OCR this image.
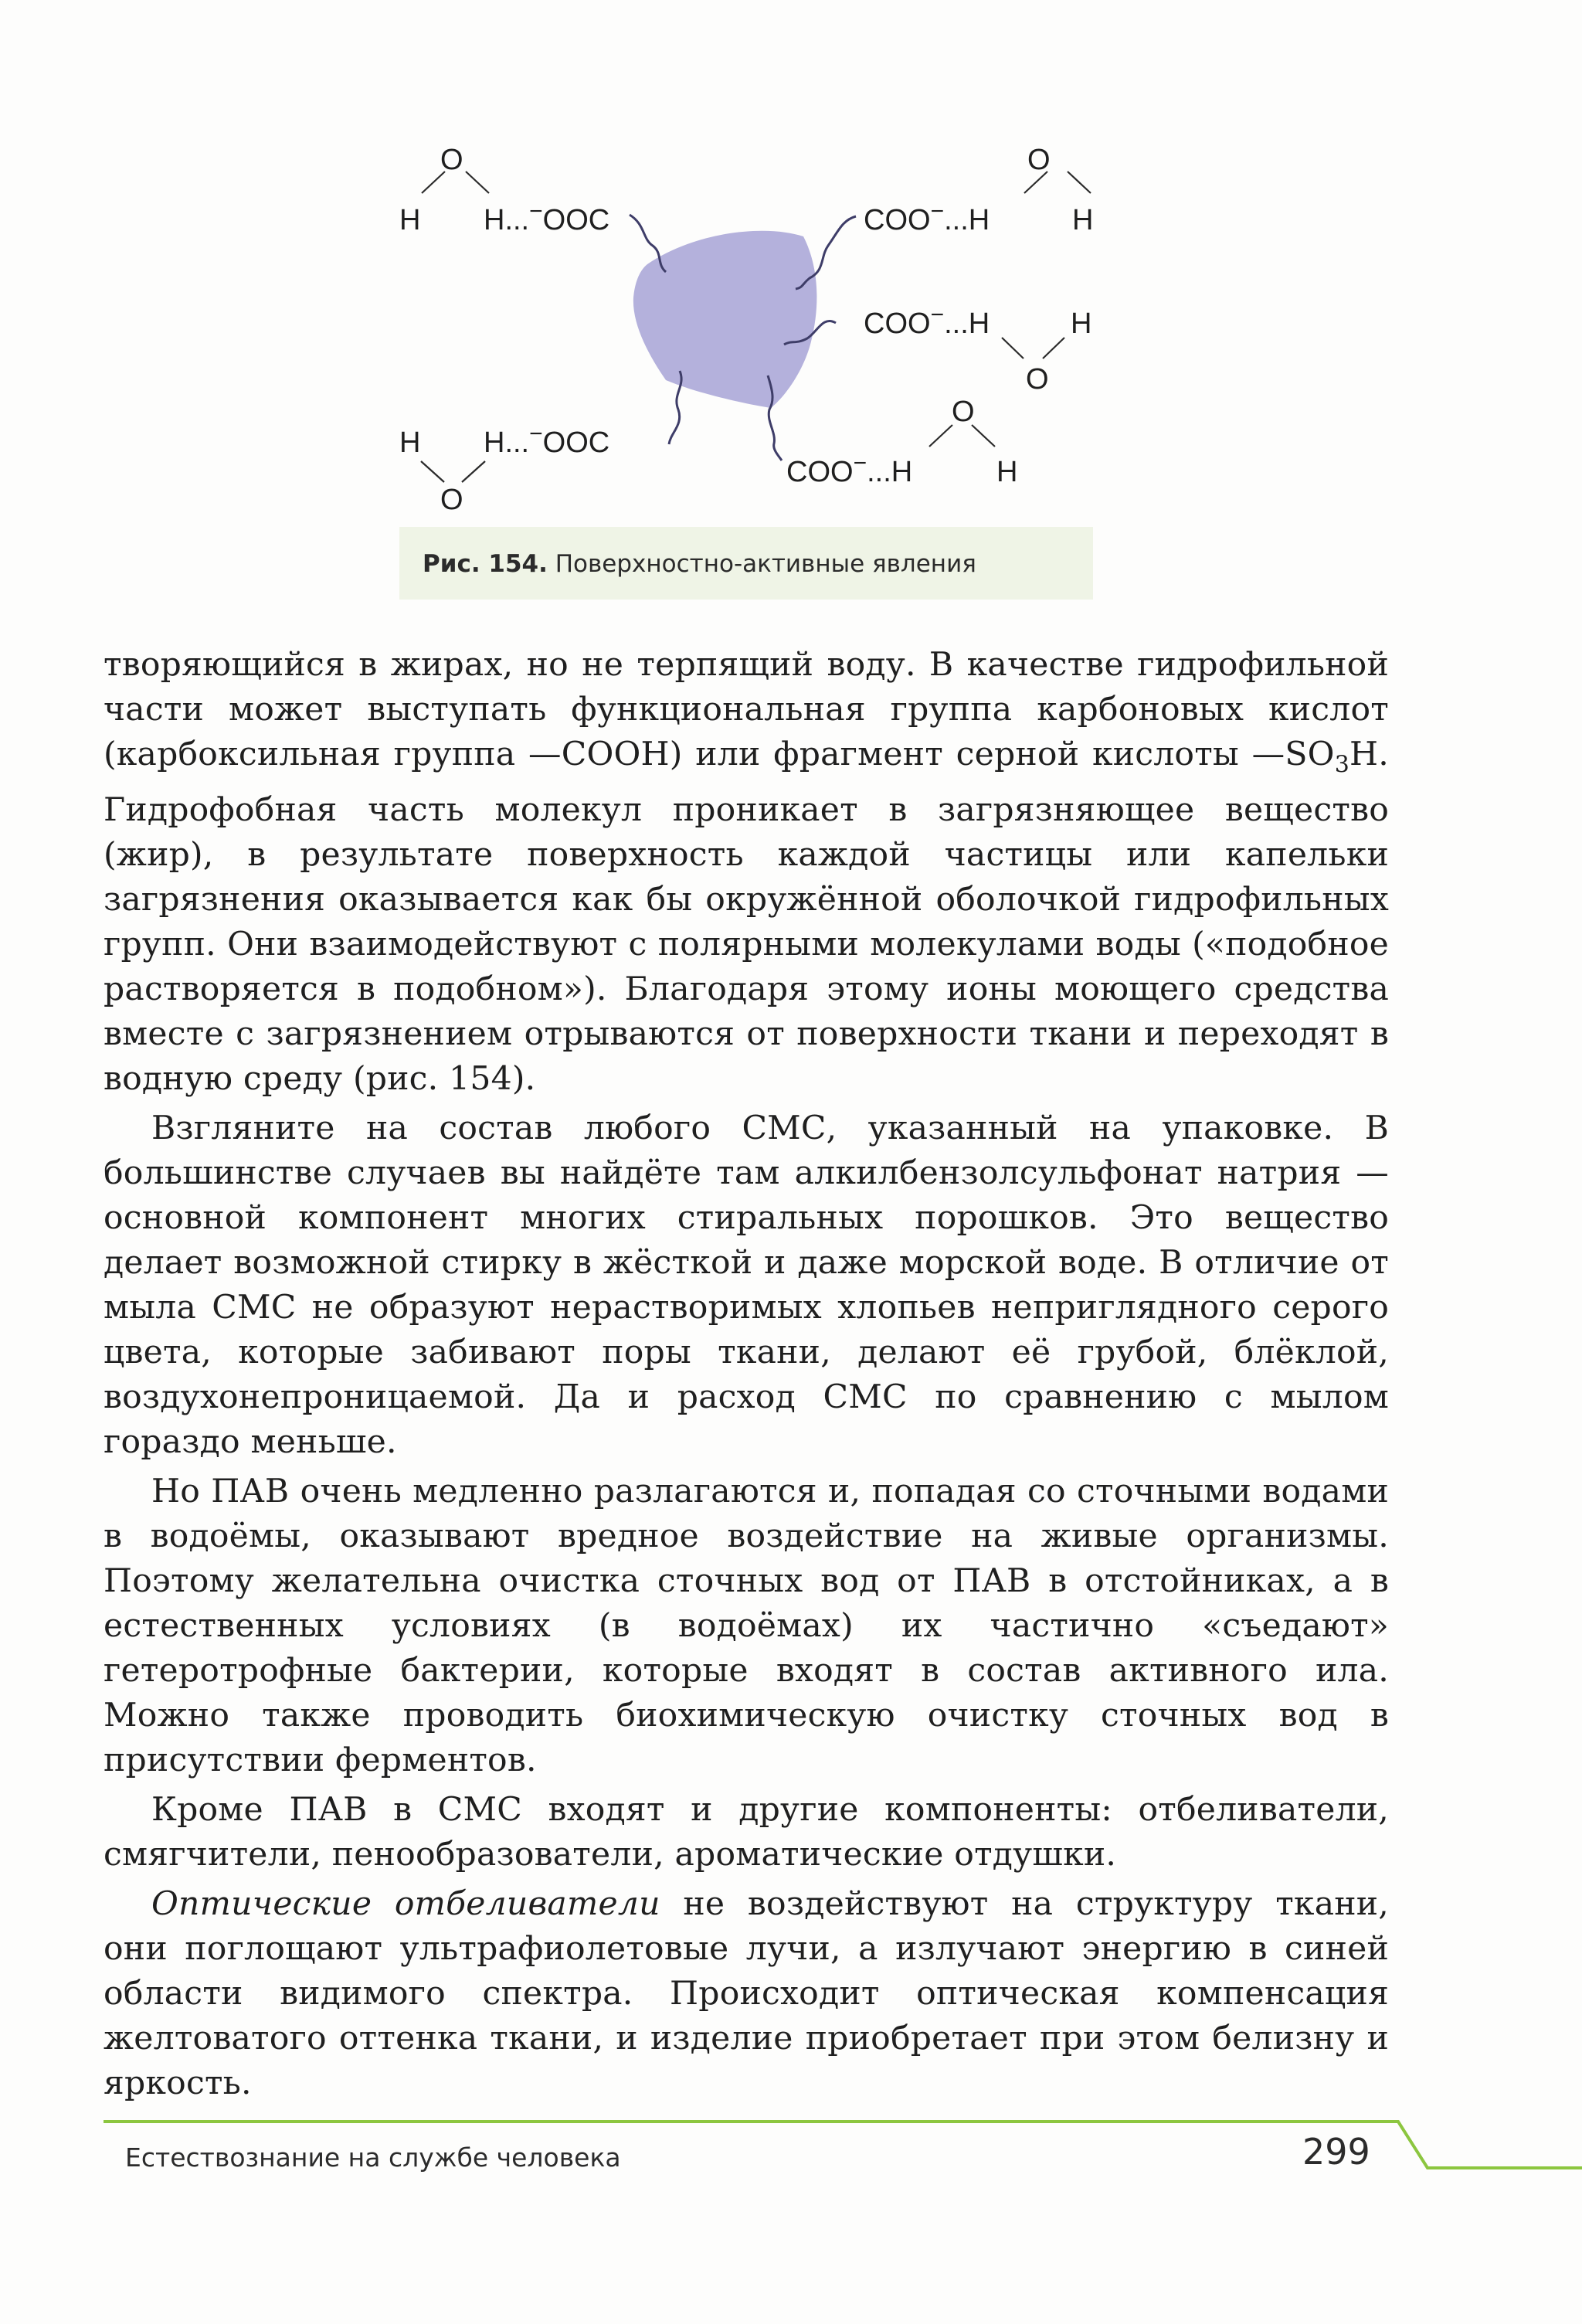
O
H H...−OOC
O
COO−...H	H
COO−...H	H
O
H H...−OOC
O
O
COO−...H	H
Рис. 154. Поверхностно-активные явления

творяющийся в жирах, но не терпящий воду. В качестве гидрофильной части может выступать функциональная группа карбоновых кислот (карбоксильная группа —COOH) или фрагмент серной кислоты $—SO_3H$. Гидрофобная часть молекул проникает в загрязняющее вещество (жир), в результате поверхность каждой частицы или капельки загрязнения оказывается как бы окружённой оболочкой гидрофильных групп. Они взаимодействуют с полярными молекулами воды («подобное растворяется в подобном»). Благодаря этому ионы моющего средства вместе с загрязнением отрываются от поверхности ткани и переходят в водную среду (рис. 154).

Взгляните на состав любого СМС, указанный на упаковке. В большинстве случаев вы найдёте там алкилбензолсульфонат натрия — основной компонент многих стиральных порошков. Это вещество делает возможной стирку в жёсткой и даже морской воде. В отличие от мыла СМС не образуют нерастворимых хлопьев неприглядного серого цвета, которые забивают поры ткани, делают её грубой, блёклой, воздухонепроницаемой. Да и расход СМС по сравнению с мылом гораздо меньше.

Но ПАВ очень медленно разлагаются и, попадая со сточными водами в водоёмы, оказывают вредное воздействие на живые организмы. Поэтому желательна очистка сточных вод от ПАВ в отстойниках, а в естественных условиях (в водоёмах) их частично «съедают» гетеротрофные бактерии, которые входят в состав активного ила. Можно также проводить биохимическую очистку сточных вод в присутствии ферментов.

Кроме ПАВ в СМС входят и другие компоненты: отбеливатели, смягчители, пенообразователи, ароматические отдушки.

Оптические отбеливатели не воздействуют на структуру ткани, они поглощают ультрафиолетовые лучи, а излучают энергию в синей области видимого спектра. Происходит оптическая компенсация желтоватого оттенка ткани, и изделие приобретает при этом белизну и яркость.

Естествознание на службе человека	299
